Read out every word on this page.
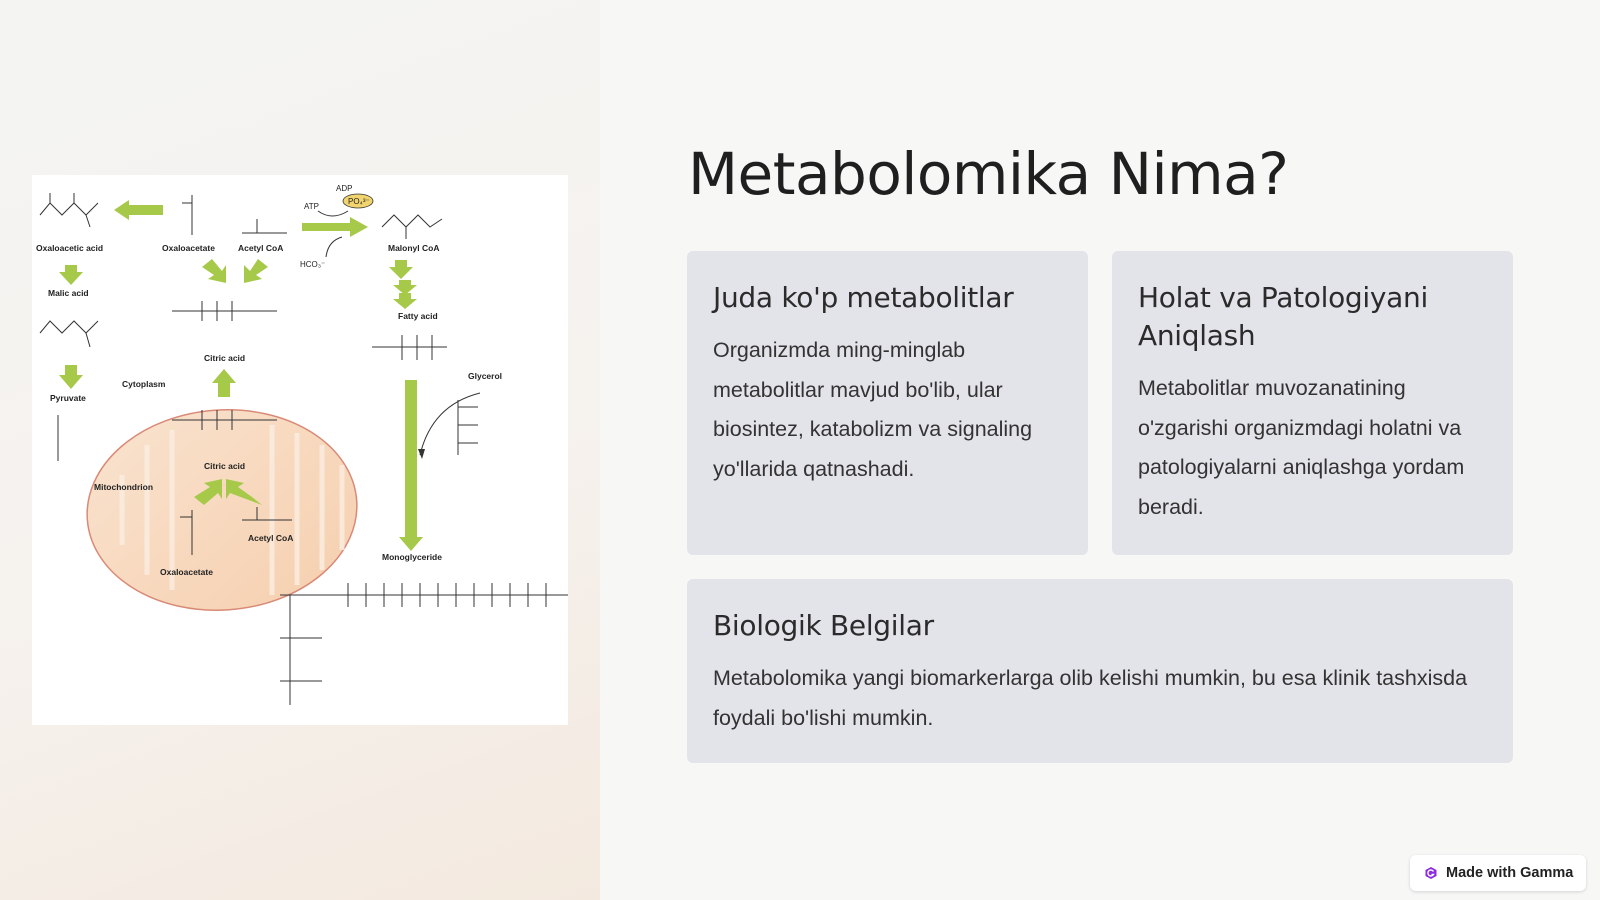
Oxaloacetic acid	Oxaloacetate	Acetyl CoA	Malonyl CoA
Malic acid
Citric acid
Fatty acid
Cytoplasm
Pyruvate
Glycerol
Citric acid
Mitochondrion
Acetyl CoA
Oxaloacetate
Monoglyceride
ATP
ADP
PO₄³⁻
HCO₃⁻
Metabolomika Nima?
Juda ko'p metabolitlar

Organizmda ming-minglab metabolitlar mavjud bo'lib, ular biosintez, katabolizm va signaling yo'llarida qatnashadi.

Holat va Patologiyani Aniqlash

Metabolitlar muvozanatining o'zgarishi organizmdagi holatni va patologiyalarni aniqlashga yordam beradi.

Biologik Belgilar

Metabolomika yangi biomarkerlarga olib kelishi mumkin, bu esa klinik tashxisda foydali bo'lishi mumkin.

Made with Gamma
